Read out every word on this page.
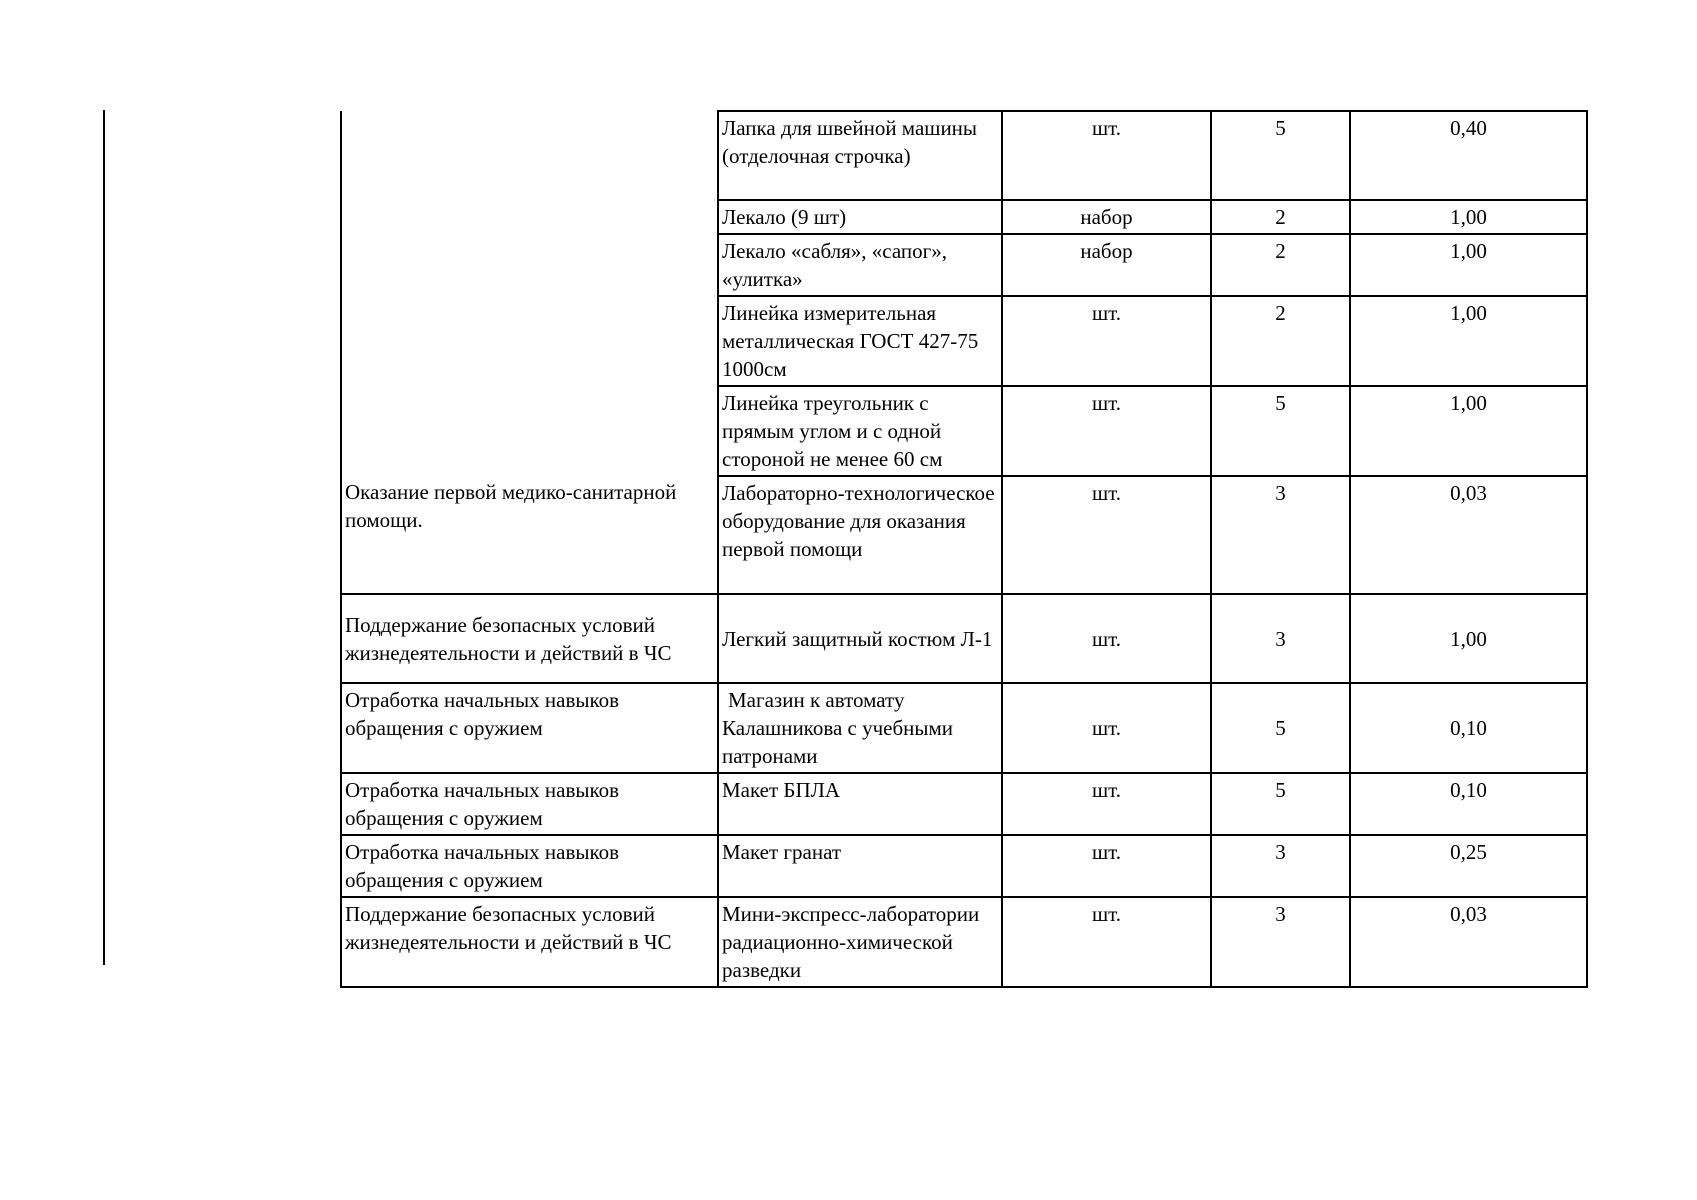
	Лапка для швейной машины (отделочная строчка)	шт.	5	0,40
	Лекало (9 шт)	набор	2	1,00
	Лекало «сабля», «сапог», «улитка»	набор	2	1,00
	Линейка измерительная металлическая ГОСТ 427-75 1000см	шт.	2	1,00
	Линейка треугольник с прямым углом и с одной стороной не менее 60 см	шт.	5	1,00
Оказание первой медико-санитарной помощи.	Лабораторно-технологическое оборудование для оказания первой помощи	шт.	3	0,03
Поддержание безопасных условий жизнедеятельности и действий в ЧС	Легкий защитный костюм Л-1	шт.	3	1,00
Отработка начальных навыков обращения с оружием	Магазин к автомату Калашникова с учебными патронами	шт.	5	0,10
Отработка начальных навыков обращения с оружием	Макет БПЛА	шт.	5	0,10
Отработка начальных навыков обращения с оружием	Макет гранат	шт.	3	0,25
Поддержание безопасных условий жизнедеятельности и действий в ЧС	Мини-экспресс-лаборатории радиационно-химической разведки	шт.	3	0,03
